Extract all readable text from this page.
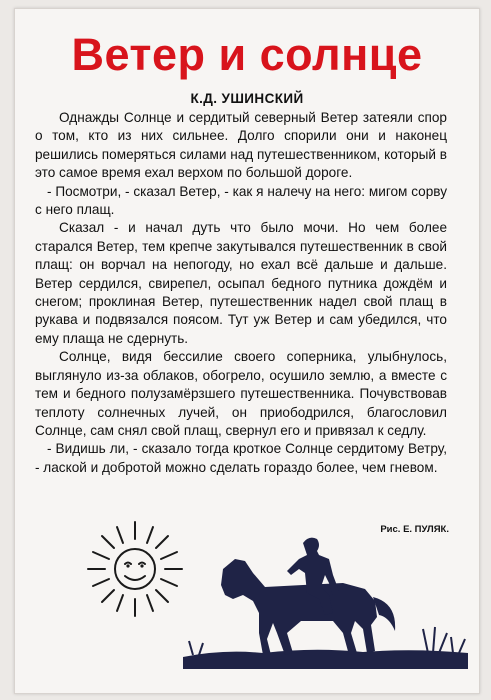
Ветер и солнце
К.Д. УШИНСКИЙ

Однажды Солнце и сердитый северный Ветер затеяли спор о том, кто из них сильнее. Долго спорили они и наконец решились померяться силами над путешественником, который в это самое время ехал верхом по большой дороге.

- Посмотри, - сказал Ветер, - как я налечу на него: мигом сорву с него плащ.

Сказал - и начал дуть что было мочи. Но чем более старался Ветер, тем крепче закутывался путешественник в свой плащ: он ворчал на непогоду, но ехал всё дальше и дальше. Ветер сердился, свирепел, осыпал бедного путника дождём и снегом; проклиная Ветер, путешественник надел свой плащ в рукава и подвязался поясом. Тут уж Ветер и сам убедился, что ему плаща не сдернуть.

Солнце, видя бессилие своего соперника, улыбнулось, выглянуло из-за облаков, обогрело, осушило землю, а вместе с тем и бедного полузамёрзшего путешественника. Почувствовав теплоту солнечных лучей, он приободрился, благословил Солнце, сам снял свой плащ, свернул его и привязал к седлу.

- Видишь ли, - сказало тогда кроткое Солнце сердитому Ветру, - лаской и добротой можно сделать гораздо более, чем гневом.

Рис. Е. ПУЛЯК.
